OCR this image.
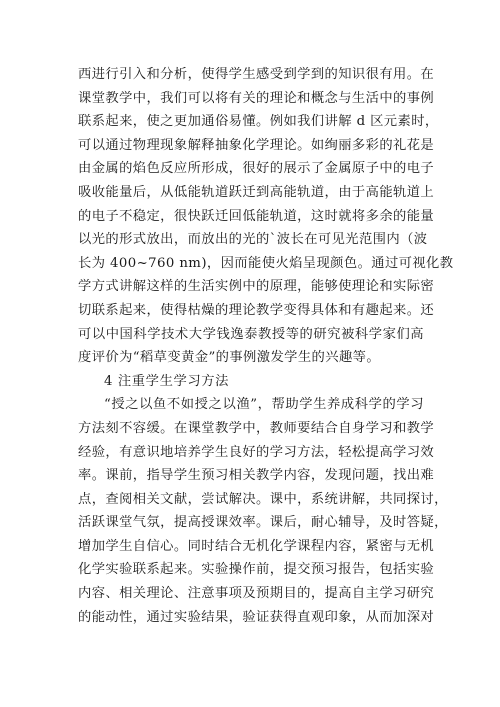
西进行引入和分析，使得学生感受到学到的知识很有用。在
课堂教学中，我们可以将有关的理论和概念与生活中的事例
联系起来，使之更加通俗易懂。例如我们讲解 d 区元素时，
可以通过物理现象解释抽象化学理论。如绚丽多彩的礼花是
由金属的焰色反应所形成，很好的展示了金属原子中的电子
吸收能量后，从低能轨道跃迁到高能轨道，由于高能轨道上
的电子不稳定，很快跃迁回低能轨道，这时就将多余的能量
以光的形式放出，而放出的光的`波长在可见光范围内（波
长为 400~760 nm)，因而能使火焰呈现颜色。通过可视化教
学方式讲解这样的生活实例中的原理，能够使理论和实际密
切联系起来，使得枯燥的理论教学变得具体和有趣起来。还
可以中国科学技术大学钱逸泰教授等的研究被科学家们高
度评价为“稻草变黄金”的事例激发学生的兴趣等。
4 注重学生学习方法
“授之以鱼不如授之以渔”，帮助学生养成科学的学习
方法刻不容缓。在课堂教学中，教师要结合自身学习和教学
经验，有意识地培养学生良好的学习方法，轻松提高学习效
率。课前，指导学生预习相关教学内容，发现问题，找出难
点，查阅相关文献，尝试解决。课中，系统讲解，共同探讨，
活跃课堂气氛，提高授课效率。课后，耐心辅导，及时答疑，
增加学生自信心。同时结合无机化学课程内容，紧密与无机
化学实验联系起来。实验操作前，提交预习报告，包括实验
内容、相关理论、注意事项及预期目的，提高自主学习研究
的能动性，通过实验结果，验证获得直观印象，从而加深对
